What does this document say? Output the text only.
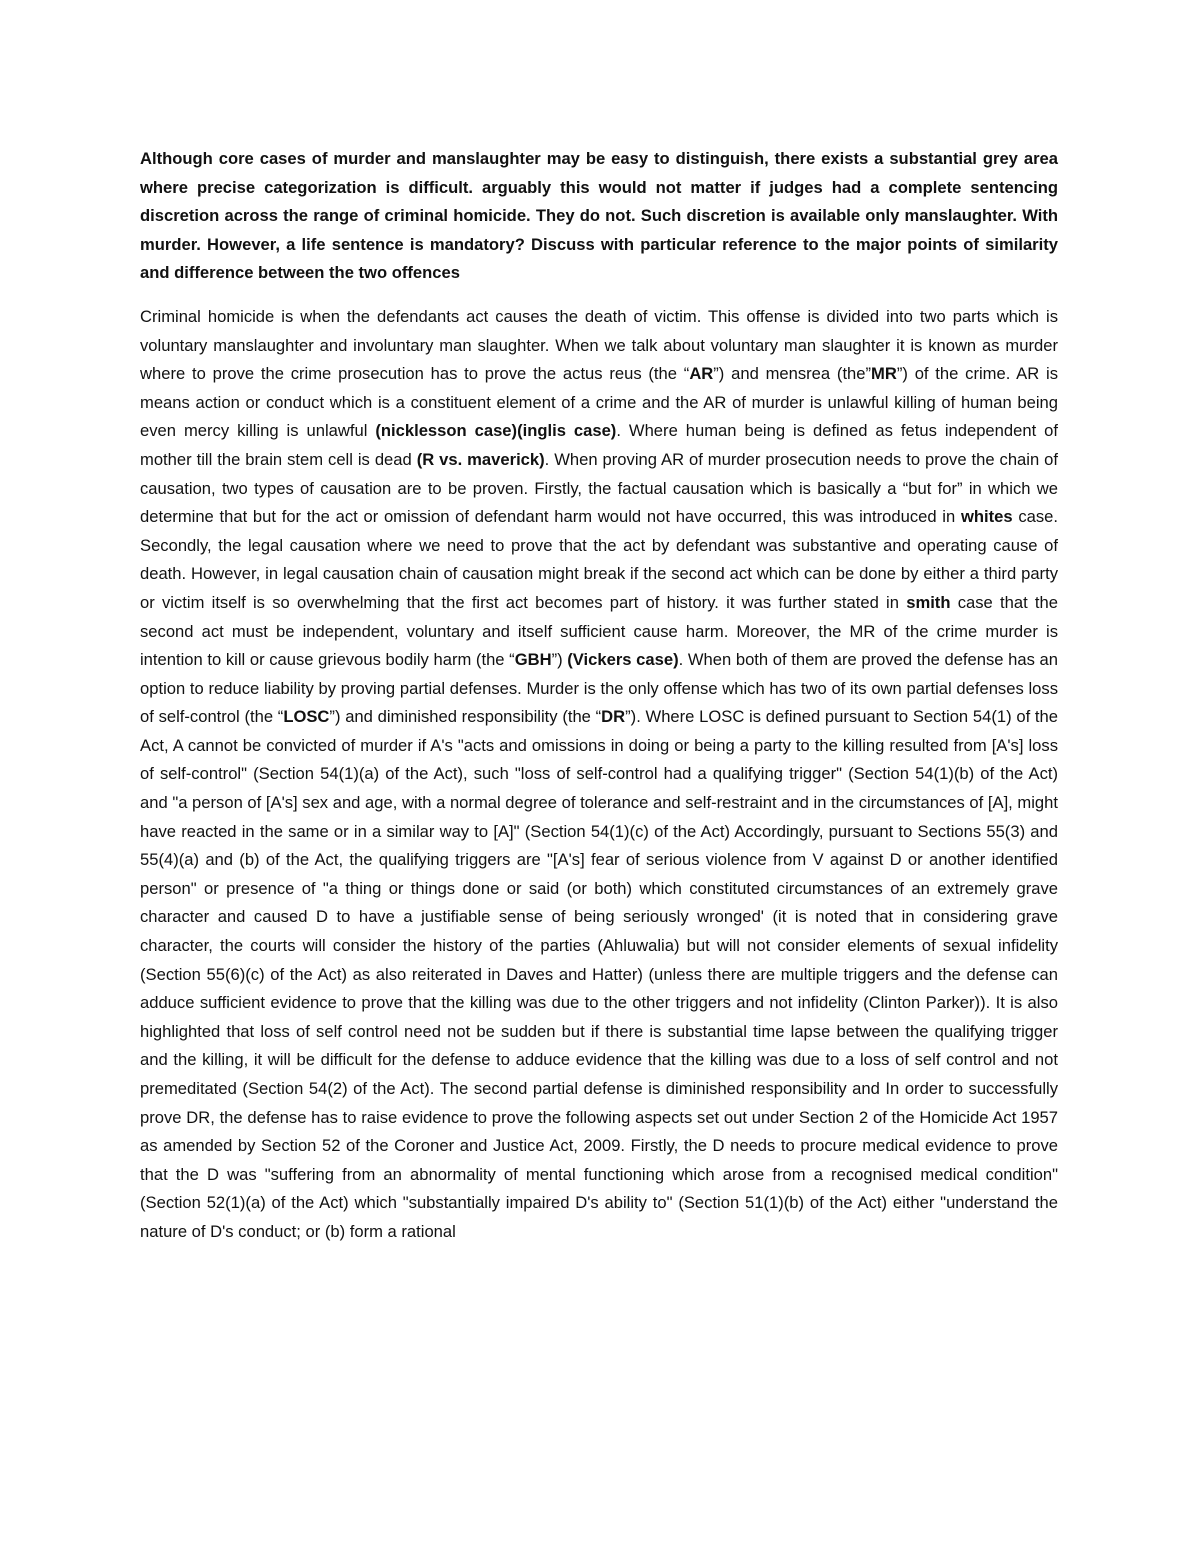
Although core cases of murder and manslaughter may be easy to distinguish, there exists a substantial grey area where precise categorization is difficult. arguably this would not matter if judges had a complete sentencing discretion across the range of criminal homicide. They do not. Such discretion is available only manslaughter. With murder. However, a life sentence is mandatory? Discuss with particular reference to the major points of similarity and difference between the two offences

Criminal homicide is when the defendants act causes the death of victim. This offense is divided into two parts which is voluntary manslaughter and involuntary man slaughter. When we talk about voluntary man slaughter it is known as murder where to prove the crime prosecution has to prove the actus reus (the “AR”) and mensrea (the”MR”) of the crime. AR is means action or conduct which is a constituent element of a crime and the AR of murder is unlawful killing of human being even mercy killing is unlawful (nicklesson case)(inglis case). Where human being is defined as fetus independent of mother till the brain stem cell is dead (R vs. maverick). When proving AR of murder prosecution needs to prove the chain of causation, two types of causation are to be proven. Firstly, the factual causation which is basically a “but for” in which we determine that but for the act or omission of defendant harm would not have occurred, this was introduced in whites case. Secondly, the legal causation where we need to prove that the act by defendant was substantive and operating cause of death. However, in legal causation chain of causation might break if the second act which can be done by either a third party or victim itself is so overwhelming that the first act becomes part of history. it was further stated in smith case that the second act must be independent, voluntary and itself sufficient cause harm. Moreover, the MR of the crime murder is intention to kill or cause grievous bodily harm (the “GBH”) (Vickers case). When both of them are proved the defense has an option to reduce liability by proving partial defenses. Murder is the only offense which has two of its own partial defenses loss of self-control (the “LOSC”) and diminished responsibility (the “DR”). Where LOSC is defined pursuant to Section 54(1) of the Act, A cannot be convicted of murder if A's "acts and omissions in doing or being a party to the killing resulted from [A's] loss of self-control" (Section 54(1)(a) of the Act), such "loss of self-control had a qualifying trigger" (Section 54(1)(b) of the Act) and "a person of [A's] sex and age, with a normal degree of tolerance and self-restraint and in the circumstances of [A], might have reacted in the same or in a similar way to [A]" (Section 54(1)(c) of the Act) Accordingly, pursuant to Sections 55(3) and 55(4)(a) and (b) of the Act, the qualifying triggers are "[A's] fear of serious violence from V against D or another identified person" or presence of "a thing or things done or said (or both) which constituted circumstances of an extremely grave character and caused D to have a justifiable sense of being seriously wronged' (it is noted that in considering grave character, the courts will consider the history of the parties (Ahluwalia) but will not consider elements of sexual infidelity (Section 55(6)(c) of the Act) as also reiterated in Daves and Hatter) (unless there are multiple triggers and the defense can adduce sufficient evidence to prove that the killing was due to the other triggers and not infidelity (Clinton Parker)). It is also highlighted that loss of self control need not be sudden but if there is substantial time lapse between the qualifying trigger and the killing, it will be difficult for the defense to adduce evidence that the killing was due to a loss of self control and not premeditated (Section 54(2) of the Act). The second partial defense is diminished responsibility and In order to successfully prove DR, the defense has to raise evidence to prove the following aspects set out under Section 2 of the Homicide Act 1957 as amended by Section 52 of the Coroner and Justice Act, 2009. Firstly, the D needs to procure medical evidence to prove that the D was "suffering from an abnormality of mental functioning which arose from a recognised medical condition" (Section 52(1)(a) of the Act) which "substantially impaired D's ability to" (Section 51(1)(b) of the Act) either "understand the nature of D's conduct; or (b) form a rational
